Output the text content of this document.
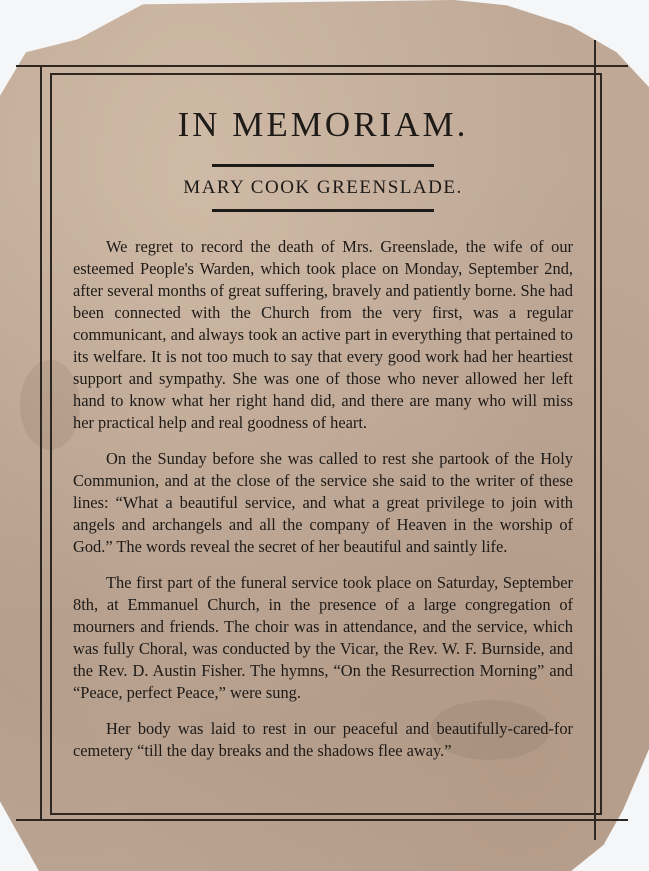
IN MEMORIAM.
MARY COOK GREENSLADE.

We regret to record the death of Mrs. Greenslade, the wife of our esteemed People's Warden, which took place on Monday, September 2nd, after several months of great suffering, bravely and patiently borne. She had been connected with the Church from the very first, was a regular communicant, and always took an active part in everything that pertained to its welfare. It is not too much to say that every good work had her heartiest support and sympathy. She was one of those who never allowed her left hand to know what her right hand did, and there are many who will miss her practical help and real goodness of heart.

On the Sunday before she was called to rest she partook of the Holy Communion, and at the close of the service she said to the writer of these lines: “What a beautiful service, and what a great privilege to join with angels and archangels and all the company of Heaven in the worship of God.” The words reveal the secret of her beautiful and saintly life.

The first part of the funeral service took place on Saturday, September 8th, at Emmanuel Church, in the presence of a large congregation of mourners and friends. The choir was in attendance, and the service, which was fully Choral, was conducted by the Vicar, the Rev. W. F. Burnside, and the Rev. D. Austin Fisher. The hymns, “On the Resurrection Morning” and “Peace, perfect Peace,” were sung.

Her body was laid to rest in our peaceful and beautifully-cared-for cemetery “till the day breaks and the shadows flee away.”
